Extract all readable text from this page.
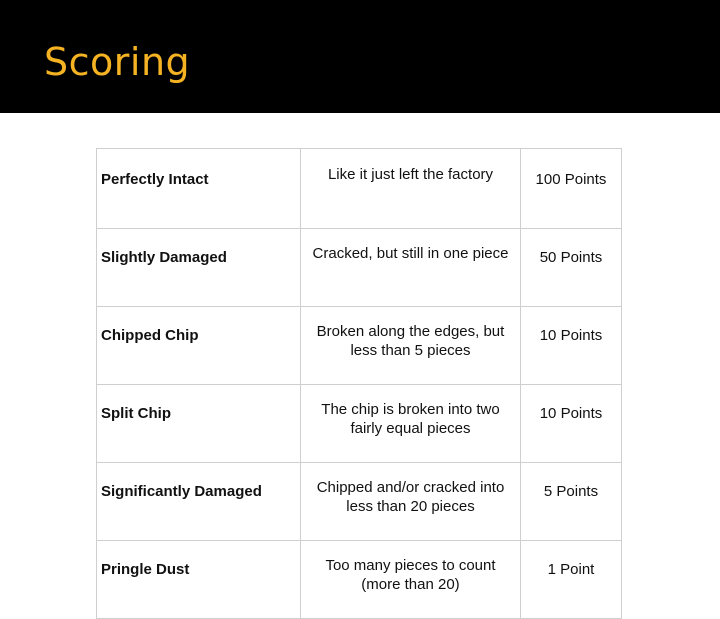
Scoring
Perfectly Intact	Like it just left the factory	100 Points
Slightly Damaged	Cracked, but still in one piece	50 Points
Chipped Chip	Broken along the edges, but less than 5 pieces	10 Points
Split Chip	The chip is broken into two fairly equal pieces	10 Points
Significantly Damaged	Chipped and/or cracked into less than 20 pieces	5 Points
Pringle Dust	Too many pieces to count (more than 20)	1 Point
